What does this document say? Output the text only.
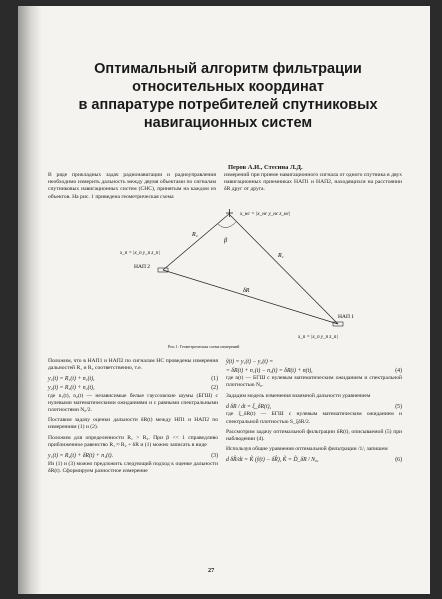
Оптимальный алгоритм фильтрации
относительных координат
в аппаратуре потребителей спутниковых
навигационных систем
Перов А.И., Стесина Л.Д.

В ряде прикладных задач радионавигации и радиоуправления необходимо измерить дальность между двумя объектами по сигналам спутниковых навигационных систем (СНС), принятым на каждом из объектов. На рис. 1 приведена геометрическая схема

измерений при приеме навигационного сигнала от одного спутника в двух навигационных приемниках НАП1 и НАП2, находящихся на расстоянии δR друг от друга.

x_нс = |x_нс y_нс z_нс|
β
R₂
R₁
δR
НАП 2
НАП 1
x_n = |x_n y_n z_n|
x_п = |x_п y_п z_п|
Рис.1: Геометрическая схема измерений

Положим, что в НАП1 и НАП2 по сигналам НС проведены измерения дальностей R₁ и R₂ соответственно, т.е.

y₁(t) = R₁(t) + n₁(t),	(1)
y₂(t) = R₂(t) + n₂(t),	(2)

где n₁(t), n₂(t) — независимые белые гауссовские шумы (БГШ) с нулевыми математическими ожиданиями и с равными спектральными плотностями N₀/2.

Поставим задачу оценки дальности δR(t) между НП1 и НАП2 по измерениям (1) и (2).

Положим для определенности R₁ > R₂. При β << 1 справедливо приближенное равенство R₁ ≈ R₂ + δR и (1) можно записать в виде

y₁(t) = R₂(t) + δR(t) + n₁(t).	(3)

Из (1) и (3) можно предложить следующий подход к оценке дальности δR(t). Сформируем разностное измерение

ỹ(t) = y₁(t) − y₂(t) =
= δR(t) + n₁(t) − n₂(t) = δR(t) + n(t),	(4)

где n(t) — БГШ с нулевым математическим ожиданием и спектральной плотностью N₀.

Зададим модель изменения взаимной дальности уравнением

d δR / dt = ξ_δR(t),	(5)

где ξ_δR(t) — БГШ с нулевым математическим ожиданием и спектральной плотностью S_ξδR/2.

Рассмотрим задачу оптимальной фильтрации δR(t), описываемой (5) при наблюдении (4).

Используя общие уравнения оптимальной фильтрации /1/, запишем

d δR̂/dt = K̃ (ỹ(t) − δR̂), K̃ = D̃_δR / N₀,	(6)
27
